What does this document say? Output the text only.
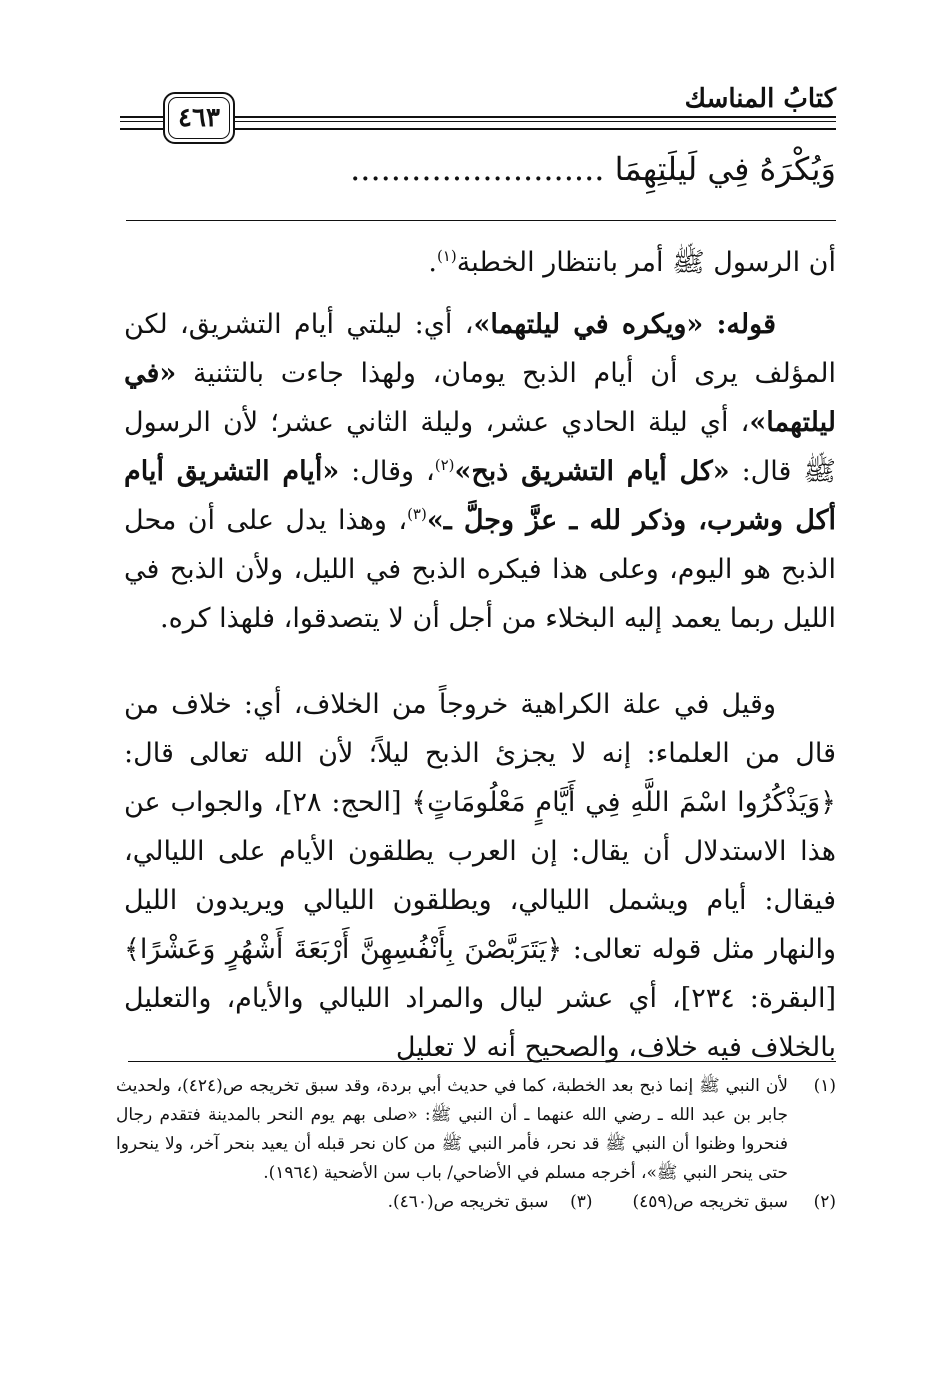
كتابُ المناسك
٤٦٣
وَيُكْرَهُ فِي لَيلَتِهِمَا .........................
أن الرسول ﷺ أمر بانتظار الخطبة$^{(١)}$.
قوله: «ويكره في ليلتهما»، أي: ليلتي أيام التشريق، لكن المؤلف يرى أن أيام الذبح يومان، ولهذا جاءت بالتثنية «في ليلتهما»، أي ليلة الحادي عشر، وليلة الثاني عشر؛ لأن الرسول ﷺ قال: «كل أيام التشريق ذبح»$^{(٢)}$، وقال: «أيام التشريق أيام أكل وشرب، وذكر لله ـ عزَّ وجلَّ ـ»$^{(٣)}$، وهذا يدل على أن محل الذبح هو اليوم، وعلى هذا فيكره الذبح في الليل، ولأن الذبح في الليل ربما يعمد إليه البخلاء من أجل أن لا يتصدقوا، فلهذا كره.
وقيل في علة الكراهية خروجاً من الخلاف، أي: خلاف من قال من العلماء: إنه لا يجزئ الذبح ليلاً؛ لأن الله تعالى قال: ﴿وَيَذْكُرُوا اسْمَ اللَّهِ فِي أَيَّامٍ مَعْلُومَاتٍ﴾ [الحج: ٢٨]، والجواب عن هذا الاستدلال أن يقال: إن العرب يطلقون الأيام على الليالي، فيقال: أيام ويشمل الليالي، ويطلقون الليالي ويريدون الليل والنهار مثل قوله تعالى: ﴿يَتَرَبَّصْنَ بِأَنْفُسِهِنَّ أَرْبَعَةَ أَشْهُرٍ وَعَشْرًا﴾ [البقرة: ٢٣٤]، أي عشر ليال والمراد الليالي والأيام، والتعليل بالخلاف فيه خلاف، والصحيح أنه لا تعليل
(١)
لأن النبي ﷺ إنما ذبح بعد الخطبة، كما في حديث أبي بردة، وقد سبق تخريجه ص(٤٢٤)، ولحديث جابر بن عبد الله ـ رضي الله عنهما ـ أن النبي ﷺ: «صلى بهم يوم النحر بالمدينة فتقدم رجال فنحروا وظنوا أن النبي ﷺ قد نحر، فأمر النبي ﷺ من كان نحر قبله أن يعيد بنحر آخر، ولا ينحروا حتى ينحر النبي ﷺ»، أخرجه مسلم في الأضاحي/ باب سن الأضحية (١٩٦٤).
(٢)
سبق تخريجه ص(٤٥٩)
(٣)
سبق تخريجه ص(٤٦٠).
